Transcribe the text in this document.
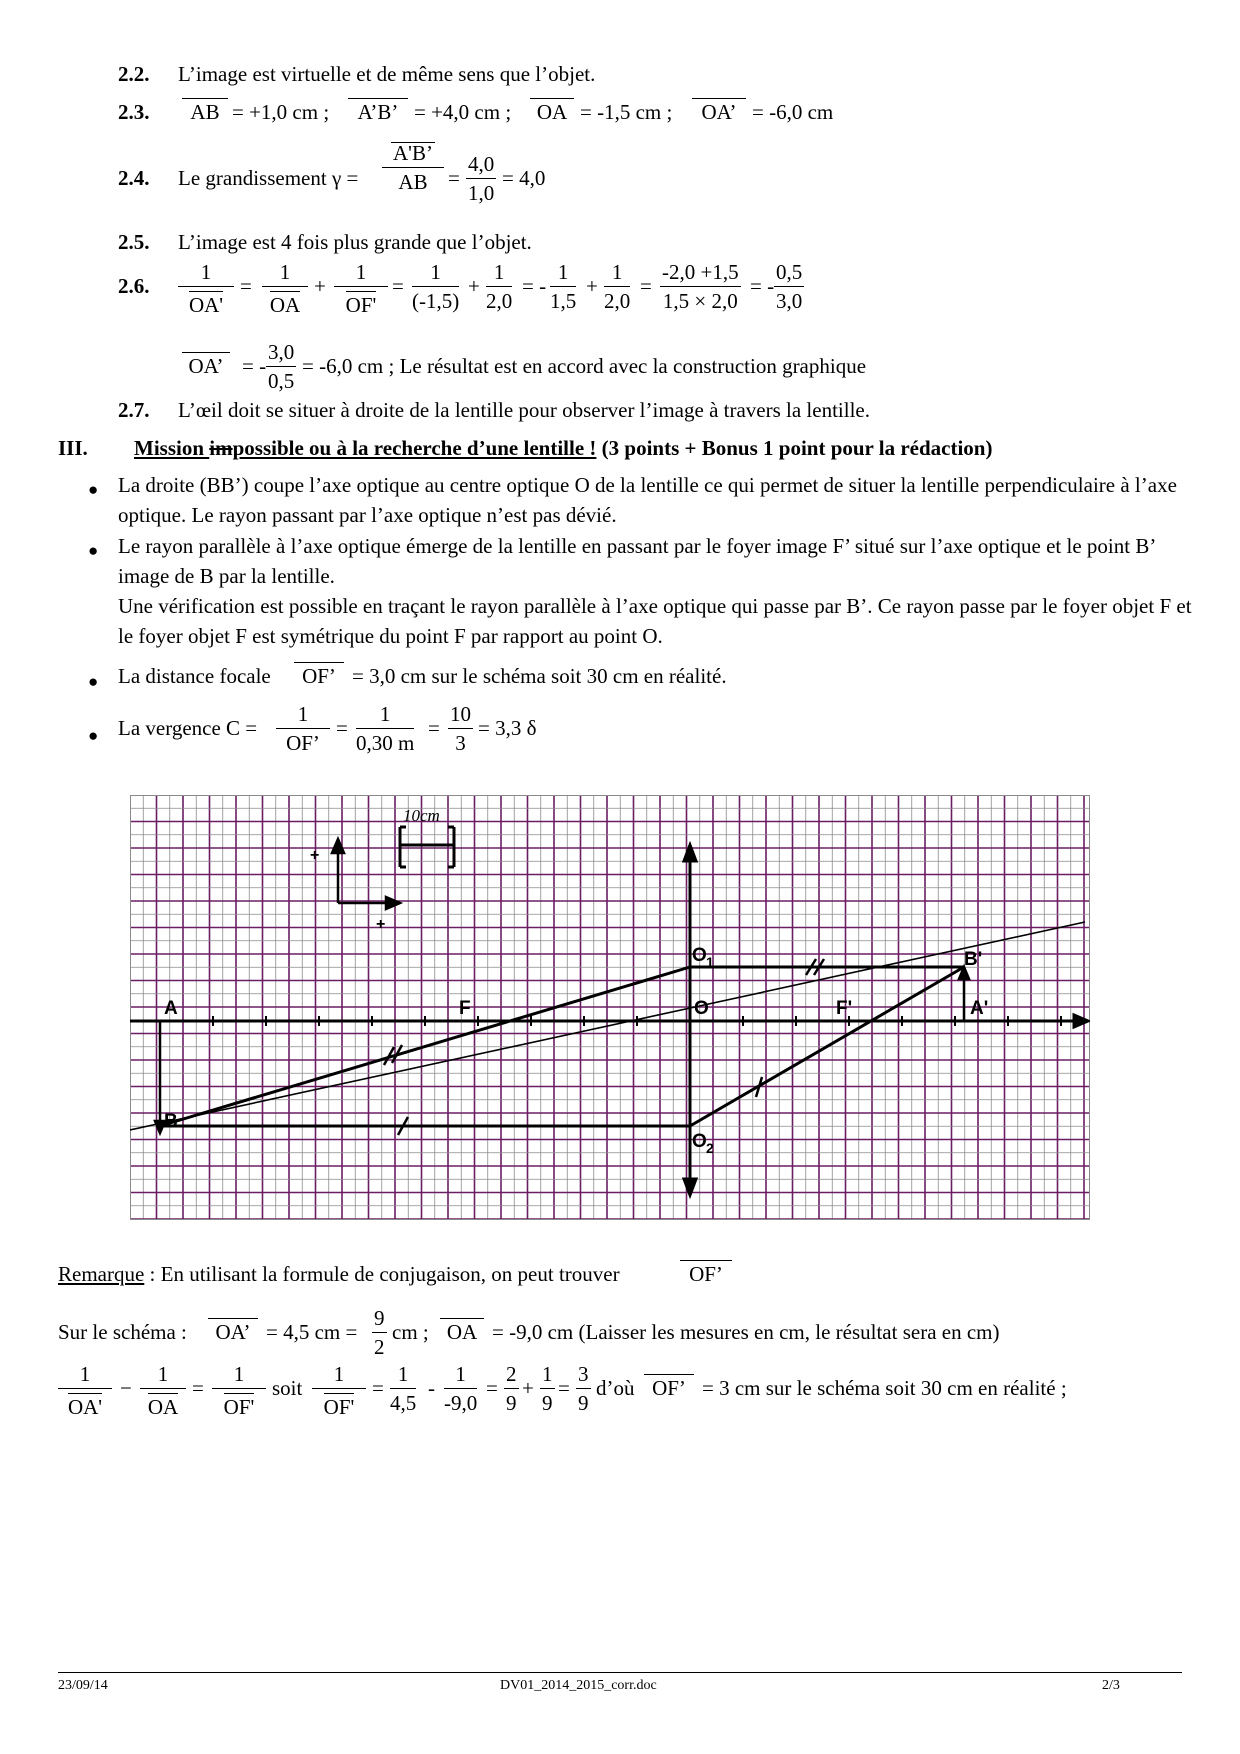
2.2. L’image est virtuelle et de même sens que l’objet.
2.3.	AB = +1,0 cm ;	A’B’ = +4,0 cm ;	OA = -1,5 cm ;	OA’ = -6,0 cm
2.4. Le grandissement γ =
A'B’
AB =
4,0
1,0
= 4,0
2.5. L’image est 4 fois plus grande que l’objet.
2.6.
1
OA'
=
1
OA
+
1
OF'
=
1
(-1,5)
+
1
2,0
= -
1
1,5
+
1
2,0
=
-2,0 +1,5
1,5 × 2,0
= -
0,5
3,0
OA’ = -
3,0
0,5
= -6,0 cm ; Le résultat est en accord avec la construction graphique
2.7. L’œil doit se situer à droite de la lentille pour observer l’image à travers la lentille.
III. Mission impossible ou à la recherche d’une lentille ! (3 points + Bonus 1 point pour la rédaction)
● La droite (BB’) coupe l’axe optique au centre optique O de la lentille ce qui permet de situer la lentille perpendiculaire à l’axe optique. Le rayon passant par l’axe optique n’est pas dévié.
● Le rayon parallèle à l’axe optique émerge de la lentille en passant par le foyer image F’ situé sur l’axe optique et le point B’ image de B par la lentille.
Une vérification est possible en traçant le rayon parallèle à l’axe optique qui passe par B’. Ce rayon passe par le foyer objet F et le foyer objet F est symétrique du point F par rapport au point O.
● La distance focale	OF’ = 3,0 cm sur le schéma soit 30 cm en réalité.
● La vergence C =
1
OF’
=
1
0,30 m
=
10
3
= 3,3 δ
10cm
+
+
A
B
F	O	F'	A'
B'
O 1
O 2
Remarque : En utilisant la formule de conjugaison, on peut trouver	OF’
Sur le schéma :	OA’ = 4,5 cm =
9
2
cm ; OA = -9,0 cm (Laisser les mesures en cm, le résultat sera en cm)
1
OA'
−
1
OA
=
1
OF'
soit
1
OF'
=
1
4,5
-
1
-9,0
=
2
9
+
1
9
=
3
9
d’où OF’ = 3 cm sur le schéma soit 30 cm en réalité ;
23/09/14	DV01_2014_2015_corr.doc	2/3
